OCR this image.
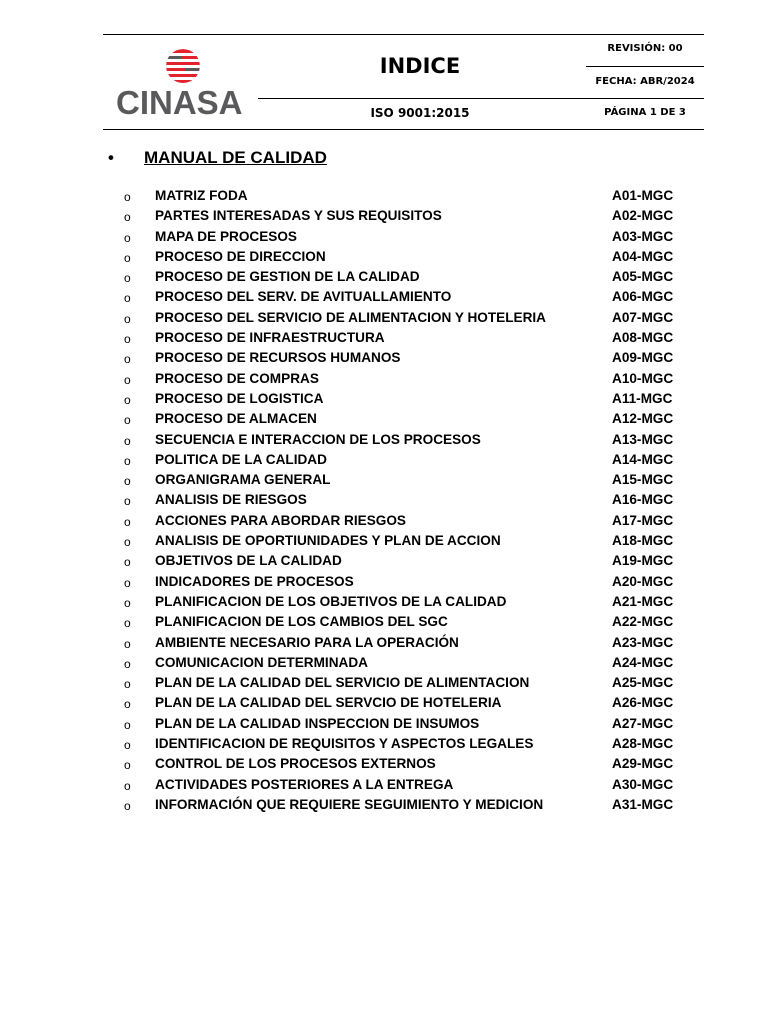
CINASA
INDICE
ISO 9001:2015
REVISIÓN: 00
FECHA: ABR/2024
PÁGINA 1 DE 3
• MANUAL DE CALIDAD
o MATRIZ FODA	A01-MGC
o PARTES INTERESADAS Y SUS REQUISITOS	A02-MGC
o MAPA DE PROCESOS	A03-MGC
o PROCESO DE DIRECCION	A04-MGC
o PROCESO DE GESTION DE LA CALIDAD	A05-MGC
o PROCESO DEL SERV. DE AVITUALLAMIENTO	A06-MGC
o PROCESO DEL SERVICIO DE ALIMENTACION Y HOTELERIA	A07-MGC
o PROCESO DE INFRAESTRUCTURA	A08-MGC
o PROCESO DE RECURSOS HUMANOS	A09-MGC
o PROCESO DE COMPRAS	A10-MGC
o PROCESO DE LOGISTICA	A11-MGC
o PROCESO DE ALMACEN	A12-MGC
o SECUENCIA E INTERACCION DE LOS PROCESOS	A13-MGC
o POLITICA DE LA CALIDAD	A14-MGC
o ORGANIGRAMA GENERAL	A15-MGC
o ANALISIS DE RIESGOS	A16-MGC
o ACCIONES PARA ABORDAR RIESGOS	A17-MGC
o ANALISIS DE OPORTIUNIDADES Y PLAN DE ACCION	A18-MGC
o OBJETIVOS DE LA CALIDAD	A19-MGC
o INDICADORES DE PROCESOS	A20-MGC
o PLANIFICACION DE LOS OBJETIVOS DE LA CALIDAD	A21-MGC
o PLANIFICACION DE LOS CAMBIOS DEL SGC	A22-MGC
o AMBIENTE NECESARIO PARA LA OPERACIÓN	A23-MGC
o COMUNICACION DETERMINADA	A24-MGC
o PLAN DE LA CALIDAD DEL SERVICIO DE ALIMENTACION	A25-MGC
o PLAN DE LA CALIDAD DEL SERVCIO DE HOTELERIA	A26-MGC
o PLAN DE LA CALIDAD INSPECCION DE INSUMOS	A27-MGC
o IDENTIFICACION DE REQUISITOS Y ASPECTOS LEGALES	A28-MGC
o CONTROL DE LOS PROCESOS EXTERNOS	A29-MGC
o ACTIVIDADES POSTERIORES A LA ENTREGA	A30-MGC
o INFORMACIÓN QUE REQUIERE SEGUIMIENTO Y MEDICION	A31-MGC
